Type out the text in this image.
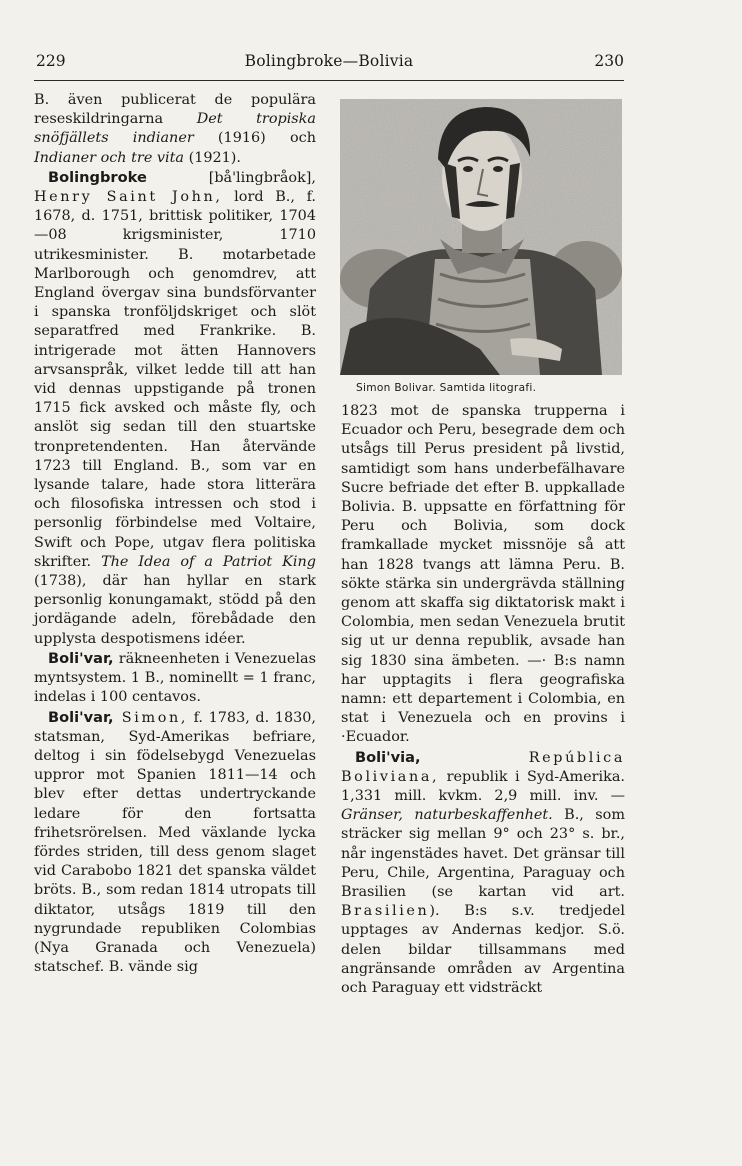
229	Bolingbroke—Bolivia	230

B. även publicerat de populära reseskildringarna Det tropiska snöfjällets indianer (1916) och Indianer och tre vita (1921).

Bolingbroke [bå'lingbråok], Henry Saint John, lord B., f. 1678, d. 1751, brittisk politiker, 1704—08 krigsminister, 1710 utrikesminister. B. motarbetade Marlborough och genomdrev, att England övergav sina bundsförvanter i spanska tronföljdskriget och slöt separatfred med Frankrike. B. intrigerade mot ätten Hannovers arvsanspråk, vilket ledde till att han vid dennas uppstigande på tronen 1715 fick avsked och måste fly, och anslöt sig sedan till den stuartske tronpretendenten. Han återvände 1723 till England. B., som var en lysande talare, hade stora litterära och filosofiska intressen och stod i personlig förbindelse med Voltaire, Swift och Pope, utgav flera politiska skrifter. The Idea of a Patriot King (1738), där han hyllar en stark personlig konungamakt, stödd på den jordägande adeln, förebådade den upplysta despotismens idéer.

Boli'var, räkneenheten i Venezuelas myntsystem. 1 B., nominellt = 1 franc, indelas i 100 centavos.

Boli'var, Simon, f. 1783, d. 1830, statsman, Syd-Amerikas befriare, deltog i sin födelsebygd Venezuelas uppror mot Spanien 1811—14 och blev efter dettas undertryckande ledare för den fortsatta frihetsrörelsen. Med växlande lycka fördes striden, till dess genom slaget vid Carabobo 1821 det spanska väldet bröts. B., som redan 1814 utropats till diktator, utsågs 1819 till den nygrundade republiken Colombias (Nya Granada och Venezuela) statschef. B. vände sig

Simon Bolivar. Samtida litografi.

1823 mot de spanska trupperna i Ecuador och Peru, besegrade dem och utsågs till Perus president på livstid, samtidigt som hans underbefälhavare Sucre befriade det efter B. uppkallade Bolivia. B. uppsatte en författning för Peru och Bolivia, som dock framkallade mycket missnöje så att han 1828 tvangs att lämna Peru. B. sökte stärka sin undergrävda ställning genom att skaffa sig diktatorisk makt i Colombia, men sedan Venezuela brutit sig ut ur denna republik, avsade han sig 1830 sina ämbeten. —· B:s namn har upptagits i flera geografiska namn: ett departement i Colombia, en stat i Venezuela och en provins i ·Ecuador.

Boli'via, República Boliviana, republik i Syd-Amerika. 1,331 mill. kvkm. 2,9 mill. inv. — Gränser, naturbeskaffenhet. B., som sträcker sig mellan 9° och 23° s. br., når ingenstädes havet. Det gränsar till Peru, Chile, Argentina, Paraguay och Brasilien (se kartan vid art. Brasilien). B:s s.v. tredjedel upptages av Andernas kedjor. S.ö. delen bildar tillsammans med angränsande områden av Argentina och Paraguay ett vidsträckt
